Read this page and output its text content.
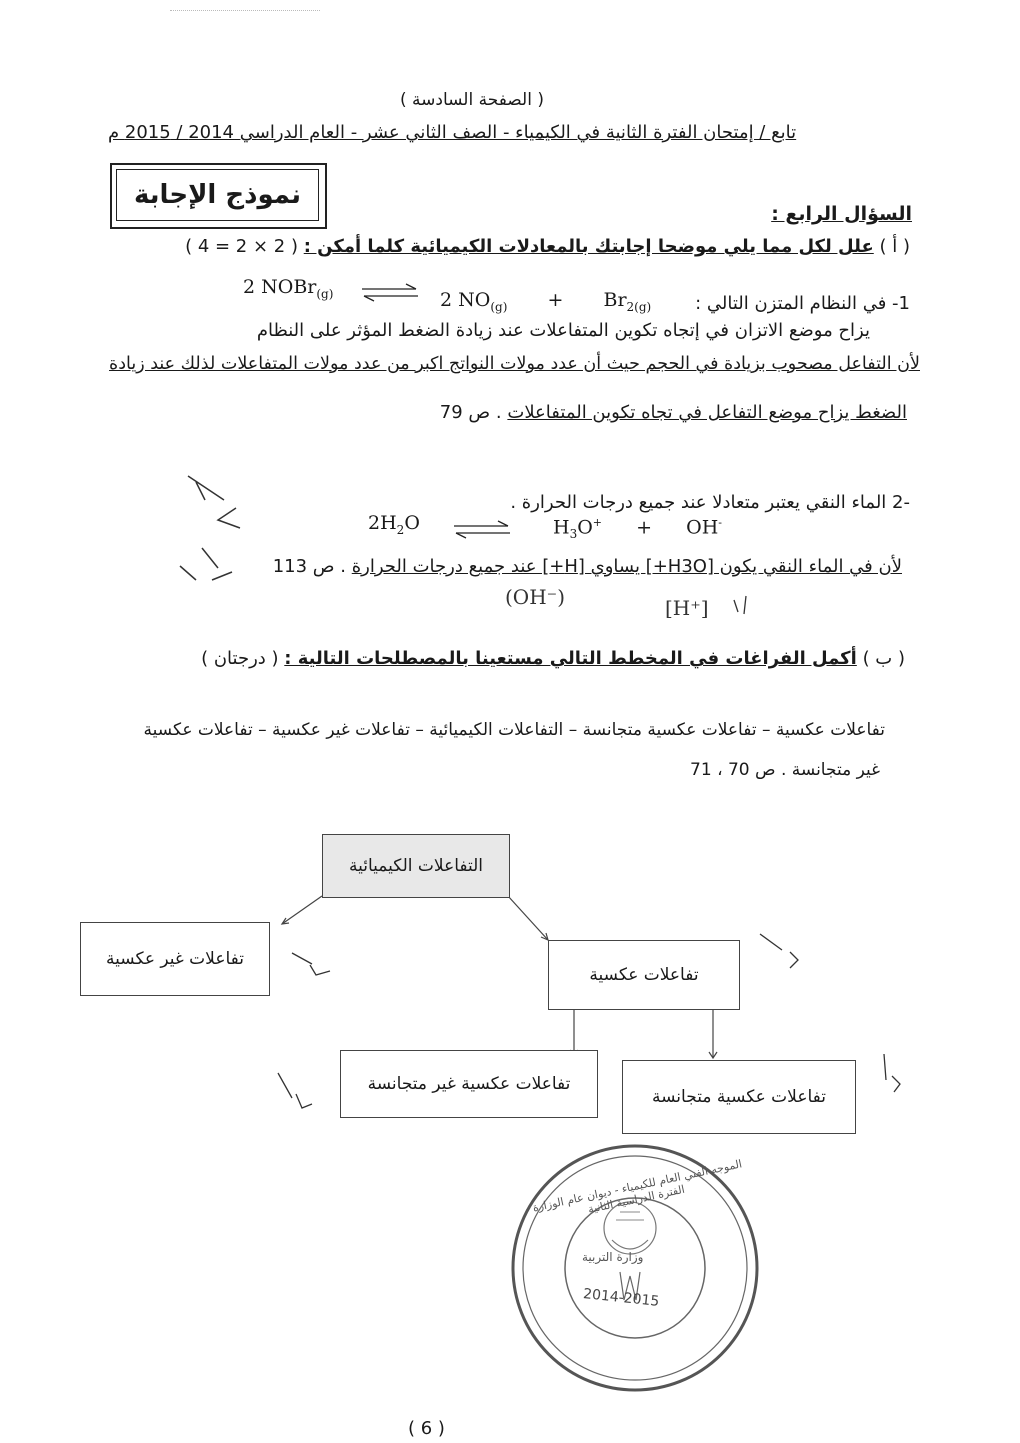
( الصفحة السادسة )
تابع / إمتحان الفترة الثانية في الكيمياء - الصف الثاني عشر - العام الدراسي 2014 / 2015 م
نموذج الإجابة
السؤال الرابع :
( أ ) علل لكل مما يلي موضحا إجابتك بالمعادلات الكيميائية كلما أمكن : ( 2 × 2 = 4 )
1- في النظام المتزن التالي :
2 NOBr$_{(g)}$	2 $NO_{(g)} + Br_{2(g)}$
يزاح موضع الاتزان في إتجاه تكوين المتفاعلات عند زيادة الضغط المؤثر على النظام
لأن التفاعل مصحوب بزيادة في الحجم حيث أن عدد مولات النواتج اكبر من عدد مولات المتفاعلات لذلك عند زيادة
الضغط يزاح موضع التفاعل في تجاه تكوين المتفاعلات . ص 79
-2 الماء النقي يعتبر متعادلا عند جميع درجات الحرارة .
$2H_2O$	$H_3O^+ + OH^-$
لأن في الماء النقي يكون [H3O+] يساوي [H+] عند جميع درجات الحرارة . ص 113
(OH⁻)	[H⁺]
( ب ) أكمل الفراغات في المخطط التالي مستعينا بالمصطلحات التالية : ( درجتان )
تفاعلات عكسية – تفاعلات عكسية متجانسة – التفاعلات الكيميائية – تفاعلات غير عكسية – تفاعلات عكسية
غير متجانسة . ص 70 ، 71
التفاعلات الكيميائية
تفاعلات غير عكسية
تفاعلات عكسية
تفاعلات عكسية غير متجانسة
تفاعلات عكسية متجانسة
الموجه الفني العام للكيمياء - ديوان عام الوزارة - الفترة الدراسية الثانية
وزارة التربية
2014-2015
( 6 )
